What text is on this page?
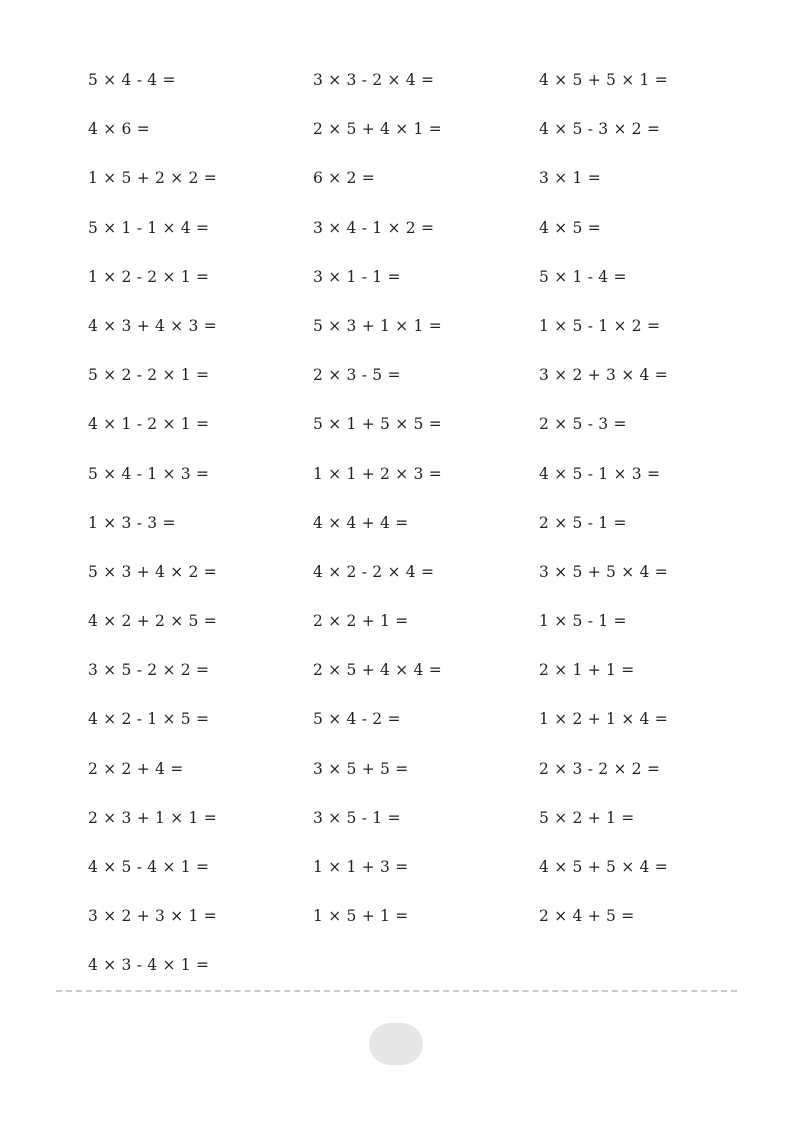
5 × 4 - 4 =
4 × 6 =
1 × 5 + 2 × 2 =
5 × 1 - 1 × 4 =
1 × 2 - 2 × 1 =
4 × 3 + 4 × 3 =
5 × 2 - 2 × 1 =
4 × 1 - 2 × 1 =
5 × 4 - 1 × 3 =
1 × 3 - 3 =
5 × 3 + 4 × 2 =
4 × 2 + 2 × 5 =
3 × 5 - 2 × 2 =
4 × 2 - 1 × 5 =
2 × 2 + 4 =
2 × 3 + 1 × 1 =
4 × 5 - 4 × 1 =
3 × 2 + 3 × 1 =
4 × 3 - 4 × 1 =
3 × 3 - 2 × 4 =
2 × 5 + 4 × 1 =
6 × 2 =
3 × 4 - 1 × 2 =
3 × 1 - 1 =
5 × 3 + 1 × 1 =
2 × 3 - 5 =
5 × 1 + 5 × 5 =
1 × 1 + 2 × 3 =
4 × 4 + 4 =
4 × 2 - 2 × 4 =
2 × 2 + 1 =
2 × 5 + 4 × 4 =
5 × 4 - 2 =
3 × 5 + 5 =
3 × 5 - 1 =
1 × 1 + 3 =
1 × 5 + 1 =
4 × 5 + 5 × 1 =
4 × 5 - 3 × 2 =
3 × 1 =
4 × 5 =
5 × 1 - 4 =
1 × 5 - 1 × 2 =
3 × 2 + 3 × 4 =
2 × 5 - 3 =
4 × 5 - 1 × 3 =
2 × 5 - 1 =
3 × 5 + 5 × 4 =
1 × 5 - 1 =
2 × 1 + 1 =
1 × 2 + 1 × 4 =
2 × 3 - 2 × 2 =
5 × 2 + 1 =
4 × 5 + 5 × 4 =
2 × 4 + 5 =
